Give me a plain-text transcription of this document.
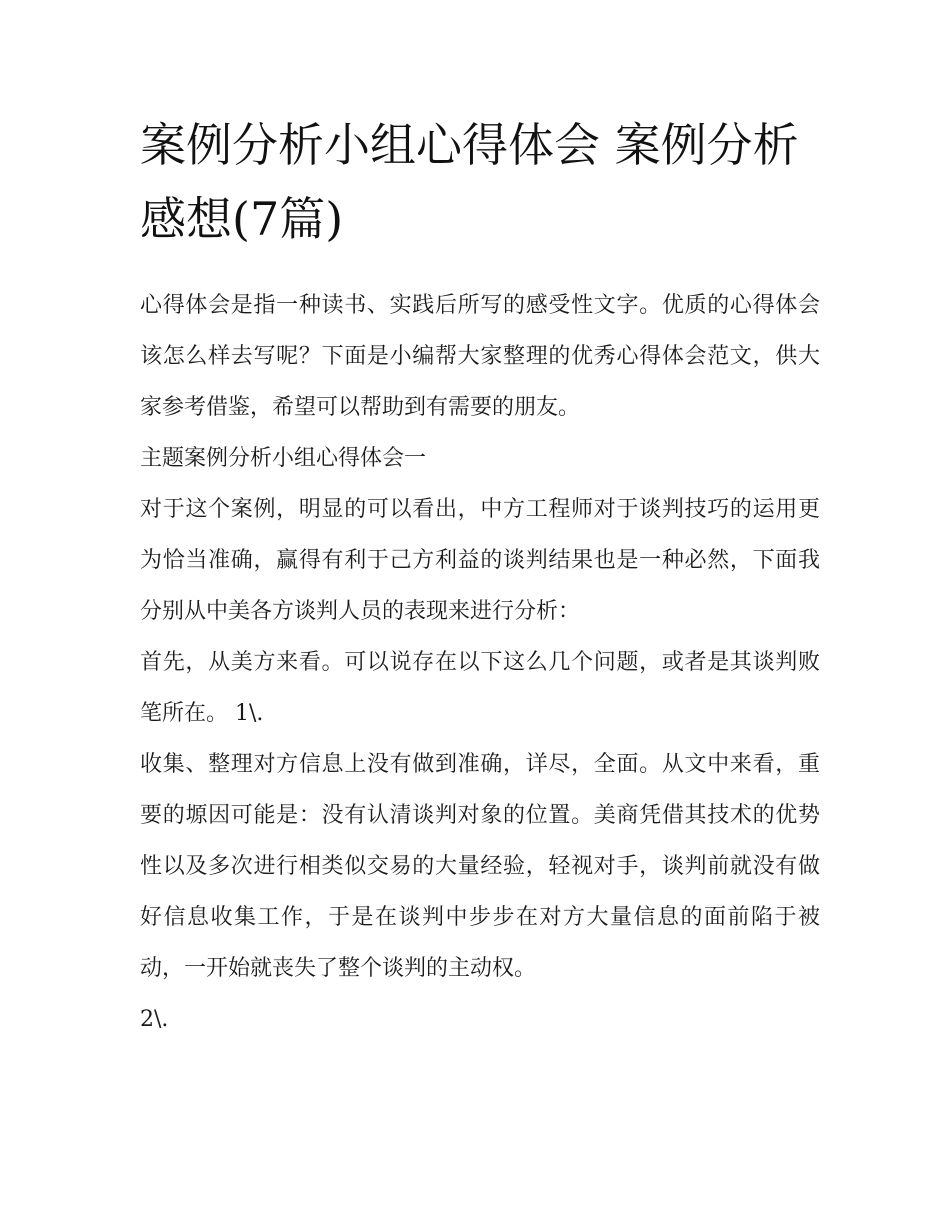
案例分析小组心得体会 案例分析感想(7篇)

心得体会是指一种读书、实践后所写的感受性文字。优质的心得体会该怎么样去写呢？下面是小编帮大家整理的优秀心得体会范文，供大家参考借鉴，希望可以帮助到有需要的朋友。

主题案例分析小组心得体会一

对于这个案例，明显的可以看出，中方工程师对于谈判技巧的运用更为恰当准确，赢得有利于己方利益的谈判结果也是一种必然，下面我分别从中美各方谈判人员的表现来进行分析：

首先，从美方来看。可以说存在以下这么几个问题，或者是其谈判败笔所在。 1\.

收集、整理对方信息上没有做到准确，详尽，全面。从文中来看，重要的塬因可能是：没有认清谈判对象的位置。美商凭借其技术的优势性以及多次进行相类似交易的大量经验，轻视对手，谈判前就没有做好信息收集工作，于是在谈判中步步在对方大量信息的面前陷于被动，一开始就丧失了整个谈判的主动权。

2\.
